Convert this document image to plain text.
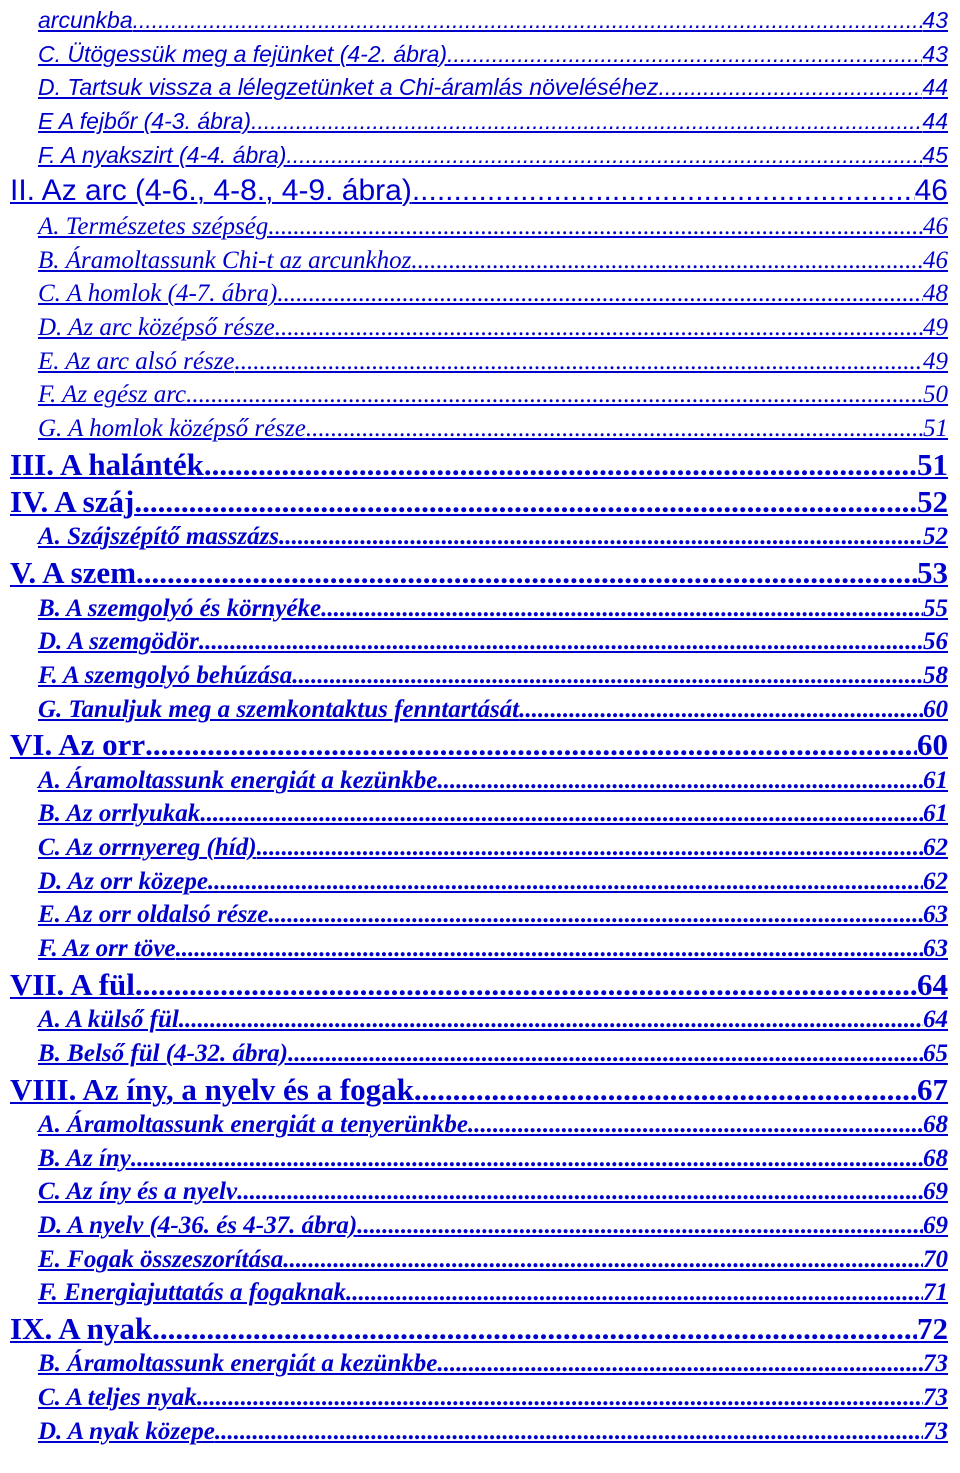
arcunkba .....	43
C. Ütögessük meg a fejünket (4-2. ábra) .....	43
D. Tartsuk vissza a lélegzetünket a Chi-áramlás növeléséhez .....	44
E A fejbőr (4-3. ábra) .....	44
F. A nyakszirt (4-4. ábra) .....	45
II. Az arc (4-6., 4-8., 4-9. ábra) .....	46
A. Természetes szépség .....	46
B. Áramoltassunk Chi-t az arcunkhoz .....	46
C. A homlok (4-7. ábra) .....	48
D. Az arc középső része .....	49
E. Az arc alsó része .....	49
F. Az egész arc .....	50
G. A homlok középső része .....	51
III. A halánték .....	51
IV. A száj .....	52
A. Szájszépítő masszázs .....	52
V. A szem .....	53
B. A szemgolyó és környéke .....	55
D. A szemgödör .....	56
F. A szemgolyó behúzása .....	58
G. Tanuljuk meg a szemkontaktus fenntartását .....	60
VI. Az orr .....	60
A. Áramoltassunk energiát a kezünkbe .....	61
B. Az orrlyukak .....	61
C. Az orrnyereg (híd) .....	62
D. Az orr közepe .....	62
E. Az orr oldalsó része .....	63
F. Az orr töve .....	63
VII. A fül .....	64
A. A külső fül .....	64
B. Belső fül (4-32. ábra) .....	65
VIII. Az íny, a nyelv és a fogak .....	67
A. Áramoltassunk energiát a tenyerünkbe .....	68
B. Az íny .....	68
C. Az íny és a nyelv .....	69
D. A nyelv (4-36. és 4-37. ábra) .....	69
E. Fogak összeszorítása .....	70
F. Energiajuttatás a fogaknak .....	71
IX. A nyak .....	72
B. Áramoltassunk energiát a kezünkbe .....	73
C. A teljes nyak .....	73
D. A nyak közepe .....	73
